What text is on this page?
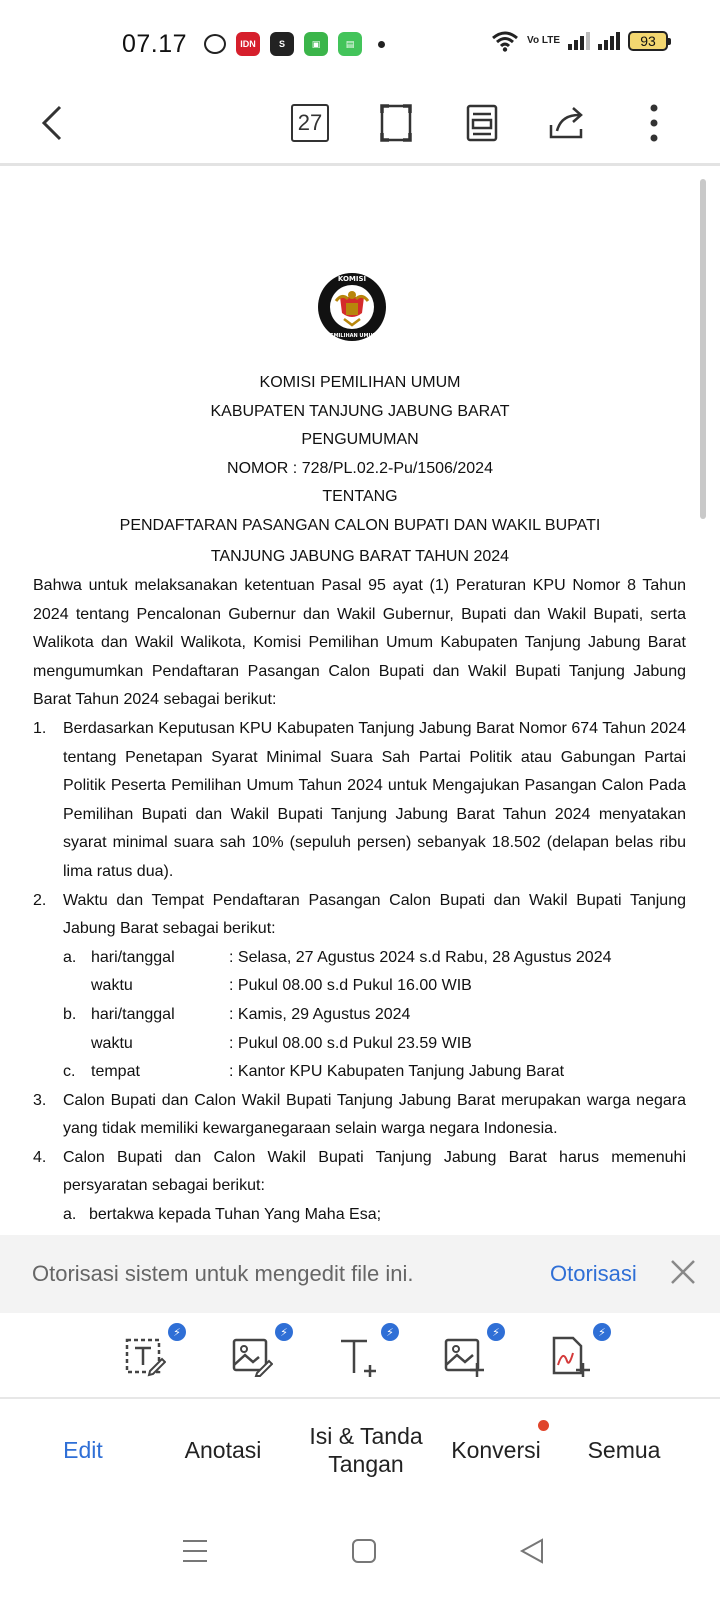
07.17	IDN	S	▣	▤	Vo LTE	93
27
KOMISI
PEMILIHAN UMUM
KOMISI PEMILIHAN UMUM
KABUPATEN TANJUNG JABUNG BARAT
PENGUMUMAN
NOMOR : 728/PL.02.2-Pu/1506/2024
TENTANG
PENDAFTARAN PASANGAN CALON BUPATI DAN WAKIL BUPATI
TANJUNG JABUNG BARAT TAHUN 2024
Bahwa untuk melaksanakan ketentuan Pasal 95 ayat (1) Peraturan KPU Nomor 8 Tahun 2024 tentang Pencalonan Gubernur dan Wakil Gubernur, Bupati dan Wakil Bupati, serta Walikota dan Wakil Walikota, Komisi Pemilihan Umum Kabupaten Tanjung Jabung Barat mengumumkan Pendaftaran Pasangan Calon Bupati dan Wakil Bupati Tanjung Jabung Barat Tahun 2024 sebagai berikut:
1.	Berdasarkan Keputusan KPU Kabupaten Tanjung Jabung Barat Nomor 674 Tahun 2024 tentang Penetapan Syarat Minimal Suara Sah Partai Politik atau Gabungan Partai Politik Peserta Pemilihan Umum Tahun 2024 untuk Mengajukan Pasangan Calon Pada Pemilihan Bupati dan Wakil Bupati Tanjung Jabung Barat Tahun 2024 menyatakan syarat minimal suara sah 10% (sepuluh persen) sebanyak 18.502 (delapan belas ribu lima ratus dua).
2.	Waktu dan Tempat Pendaftaran Pasangan Calon Bupati dan Wakil Bupati Tanjung Jabung Barat sebagai berikut:
a. hari/tanggal	: Selasa, 27 Agustus 2024 s.d Rabu, 28 Agustus 2024
waktu	: Pukul 08.00 s.d Pukul 16.00 WIB
b. hari/tanggal	: Kamis, 29 Agustus 2024
waktu	: Pukul 08.00 s.d Pukul 23.59 WIB
c. tempat	: Kantor KPU Kabupaten Tanjung Jabung Barat
3.	Calon Bupati dan Calon Wakil Bupati Tanjung Jabung Barat merupakan warga negara yang tidak memiliki kewarganegaraan selain warga negara Indonesia.
4.	Calon Bupati dan Calon Wakil Bupati Tanjung Jabung Barat harus memenuhi persyaratan sebagai berikut:
a. bertakwa kepada Tuhan Yang Maha Esa;
Otorisasi sistem untuk mengedit file ini.	Otorisasi
⚡	⚡	⚡	⚡	⚡
Edit	Anotasi
Isi & Tanda Tangan
Konversi	Semua
